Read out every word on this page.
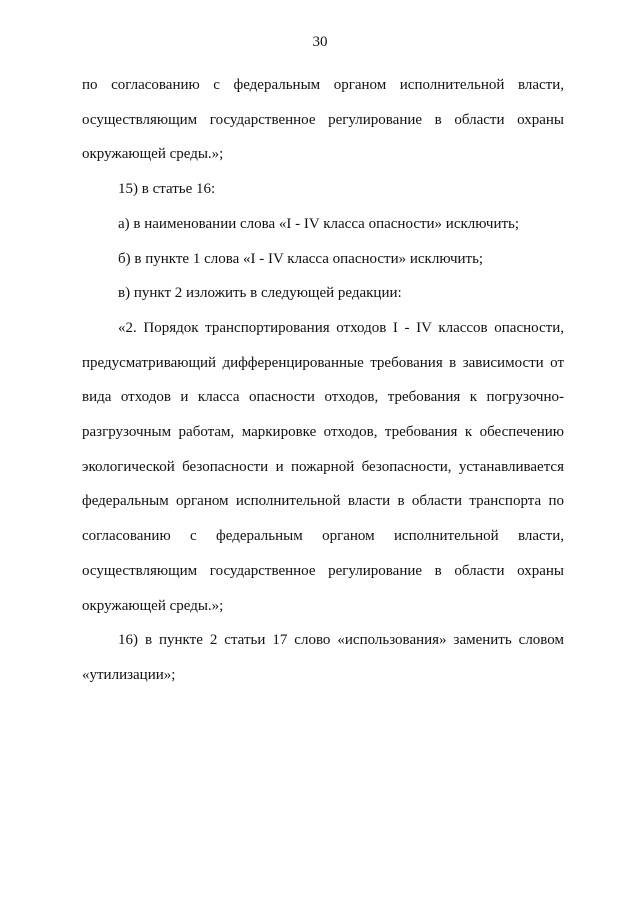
30

по согласованию с федеральным органом исполнительной власти, осуществляющим государственное регулирование в области охраны окружающей среды.»;

15) в статье 16:

а) в наименовании слова «I - IV класса опасности» исключить;

б) в пункте 1 слова «I - IV класса опасности» исключить;

в) пункт 2 изложить в следующей редакции:

«2. Порядок транспортирования отходов I - IV классов опасности, предусматривающий дифференцированные требования в зависимости от вида отходов и класса опасности отходов, требования к погрузочно-разгрузочным работам, маркировке отходов, требования к обеспечению экологической безопасности и пожарной безопасности, устанавливается федеральным органом исполнительной власти в области транспорта по согласованию с федеральным органом исполнительной власти, осуществляющим государственное регулирование в области охраны окружающей среды.»;

16) в пункте 2 статьи 17 слово «использования» заменить словом «утилизации»;
